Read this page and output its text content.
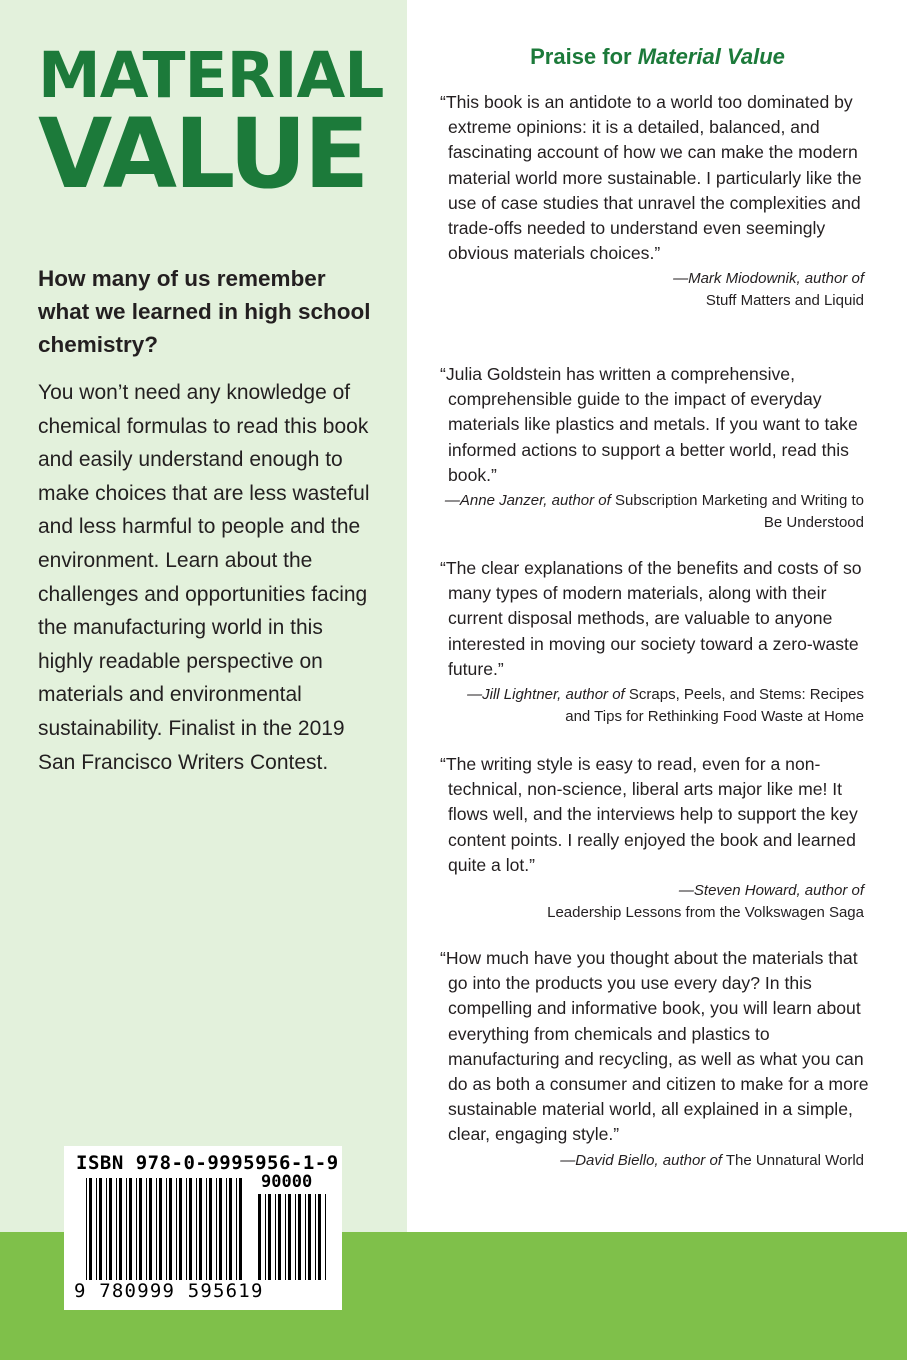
MATERIAL
VALUE

How many of us remember what we learned in high school chemistry?

You won’t need any knowledge of chemical formulas to read this book and easily understand enough to make choices that are less wasteful and less harmful to people and the environment. Learn about the challenges and opportunities facing the manufacturing world in this highly readable perspective on materials and environmental sustainability. Finalist in the 2019 San Francisco Writers Contest.

Praise for Material Value

“This book is an antidote to a world too dominated by extreme opinions: it is a detailed, balanced, and fascinating account of how we can make the modern material world more sustainable. I particularly like the use of case studies that unravel the complexities and trade-offs needed to understand even seemingly obvious materials choices.”

—Mark Miodownik, author of
Stuff Matters and Liquid

“Julia Goldstein has written a comprehensive, comprehensible guide to the impact of everyday materials like plastics and metals. If you want to take informed actions to support a better world, read this book.”

—Anne Janzer, author of Subscription Marketing and Writing to Be Understood

“The clear explanations of the benefits and costs of so many types of modern materials, along with their current disposal methods, are valuable to anyone interested in moving our society toward a zero-waste future.”

—Jill Lightner, author of Scraps, Peels, and Stems: Recipes and Tips for Rethinking Food Waste at Home

“The writing style is easy to read, even for a non-technical, non-science, liberal arts major like me! It flows well, and the interviews help to support the key content points. I really enjoyed the book and learned quite a lot.”

—Steven Howard, author of
Leadership Lessons from the Volkswagen Saga

“How much have you thought about the materials that go into the products you use every day? In this compelling and informative book, you will learn about everything from chemicals and plastics to manufacturing and recycling, as well as what you can do as both a consumer and citizen to make for a more sustainable material world, all explained in a simple, clear, engaging style.”

—David Biello, author of The Unnatural World

ISBN 978-0-9995956-1-9

90000

9 780999 595619
